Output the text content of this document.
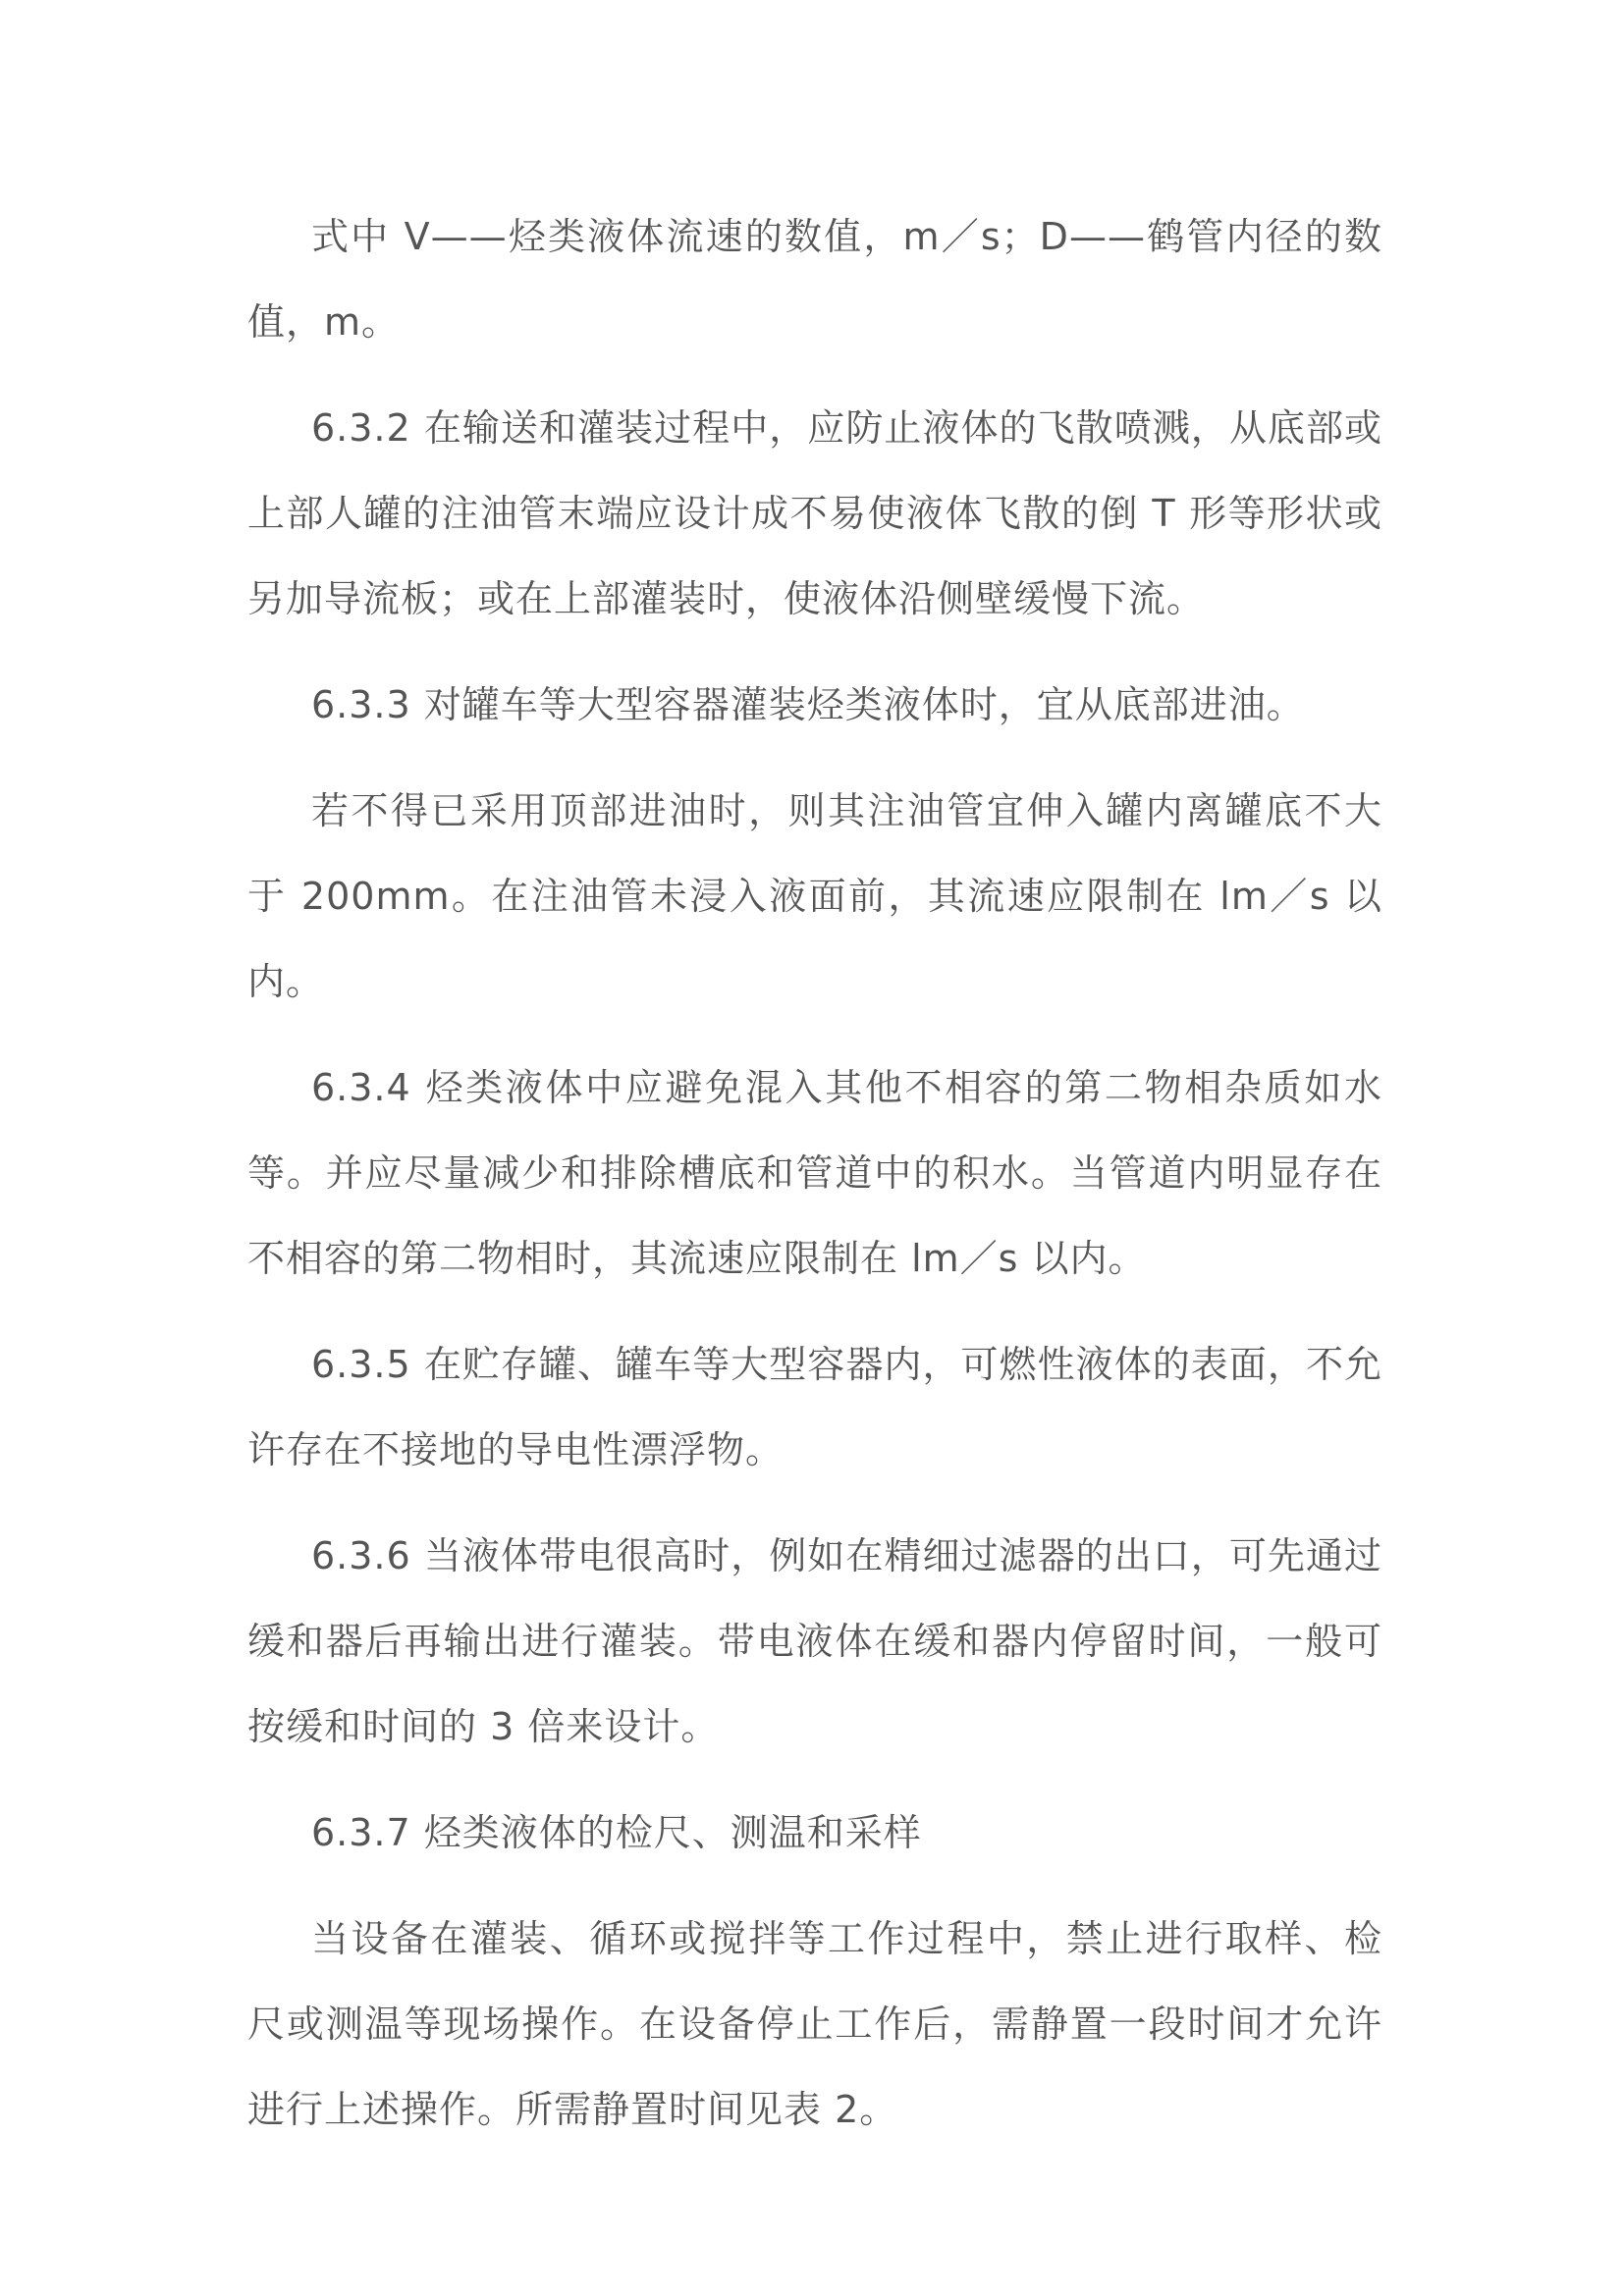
式中 V——烃类液体流速的数值，m／s；D——鹤管内径的数值，m。

6.3.2 在输送和灌装过程中，应防止液体的飞散喷溅，从底部或上部人罐的注油管末端应设计成不易使液体飞散的倒 T 形等形状或另加导流板；或在上部灌装时，使液体沿侧壁缓慢下流。

6.3.3 对罐车等大型容器灌装烃类液体时，宜从底部进油。

若不得已采用顶部进油时，则其注油管宜伸入罐内离罐底不大于 200mm。在注油管未浸入液面前，其流速应限制在 lm／s 以内。

6.3.4 烃类液体中应避免混入其他不相容的第二物相杂质如水等。并应尽量减少和排除槽底和管道中的积水。当管道内明显存在不相容的第二物相时，其流速应限制在 lm／s 以内。

6.3.5 在贮存罐、罐车等大型容器内，可燃性液体的表面，不允许存在不接地的导电性漂浮物。

6.3.6 当液体带电很高时，例如在精细过滤器的出口，可先通过缓和器后再输出进行灌装。带电液体在缓和器内停留时间，一般可按缓和时间的 3 倍来设计。

6.3.7 烃类液体的检尺、测温和采样

当设备在灌装、循环或搅拌等工作过程中，禁止进行取样、检尺或测温等现场操作。在设备停止工作后，需静置一段时间才允许进行上述操作。所需静置时间见表 2。
